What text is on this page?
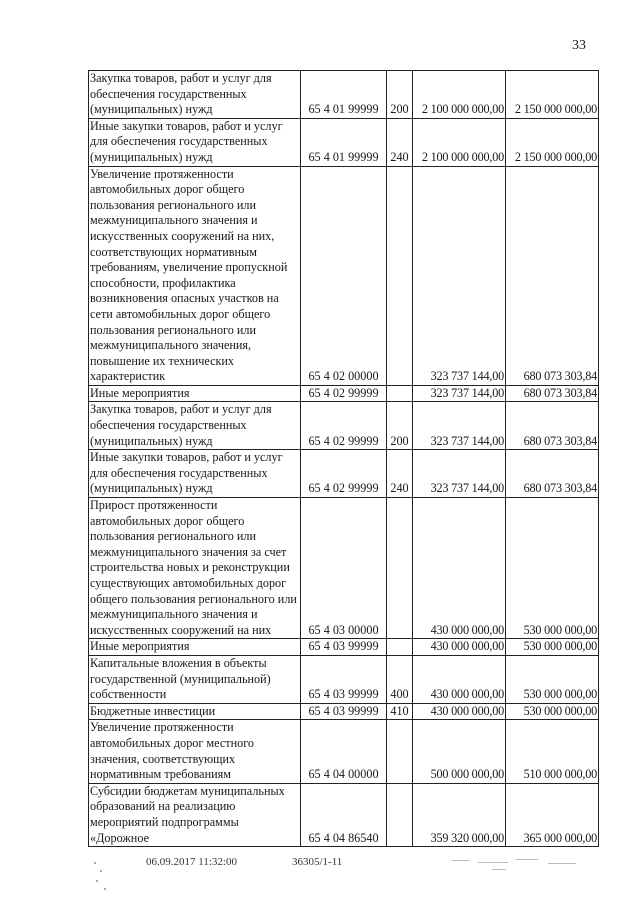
33
Закупка товаров, работ и услуг для обеспечения государственных (муниципальных) нужд	65 4 01 99999	200	2 100 000 000,00	2 150 000 000,00
Иные закупки товаров, работ и услуг для обеспечения государственных (муниципальных) нужд	65 4 01 99999	240	2 100 000 000,00	2 150 000 000,00
Увеличение протяженности автомобильных дорог общего пользования регионального или межмуниципального значения и искусственных сооружений на них, соответствующих нормативным требованиям, увеличение пропускной способности, профилактика возникновения опасных участков на сети автомобильных дорог общего пользования регионального или межмуниципального значения, повышение их технических характеристик	65 4 02 00000		323 737 144,00	680 073 303,84
Иные мероприятия	65 4 02 99999		323 737 144,00	680 073 303,84
Закупка товаров, работ и услуг для обеспечения государственных (муниципальных) нужд	65 4 02 99999	200	323 737 144,00	680 073 303,84
Иные закупки товаров, работ и услуг для обеспечения государственных (муниципальных) нужд	65 4 02 99999	240	323 737 144,00	680 073 303,84
Прирост протяженности автомобильных дорог общего пользования регионального или межмуниципального значения за счет строительства новых и реконструкции существующих автомобильных дорог общего пользования регионального или межмуниципального значения и искусственных сооружений на них	65 4 03 00000		430 000 000,00	530 000 000,00
Иные мероприятия	65 4 03 99999		430 000 000,00	530 000 000,00
Капитальные вложения в объекты государственной (муниципальной) собственности	65 4 03 99999	400	430 000 000,00	530 000 000,00
Бюджетные инвестиции	65 4 03 99999	410	430 000 000,00	530 000 000,00
Увеличение протяженности автомобильных дорог местного значения, соответствующих нормативным требованиям	65 4 04 00000		500 000 000,00	510 000 000,00
Субсидии бюджетам муниципальных образований на реализацию мероприятий подпрограммы «Дорожное	65 4 04 86540		359 320 000,00	365 000 000,00
06.09.2017 11:32:00	36305/1-11
